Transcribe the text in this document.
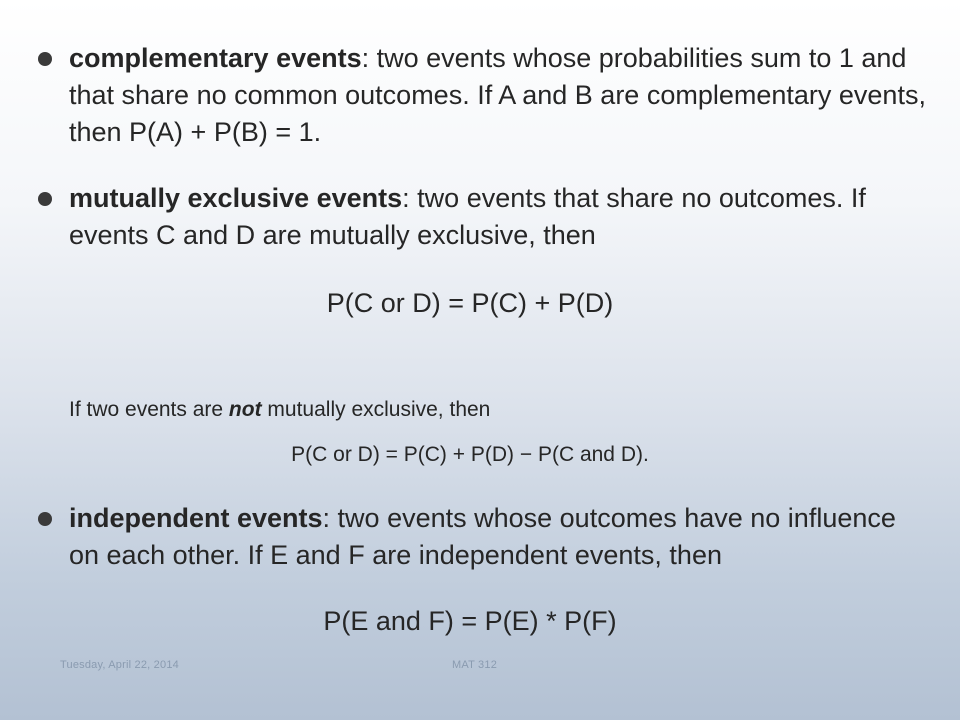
complementary events: two events whose probabilities sum to 1 and that share no common outcomes. If A and B are complementary events, then P(A) + P(B) = 1.
mutually exclusive events: two events that share no outcomes. If events C and D are mutually exclusive, then
P(C or D) = P(C) + P(D)
If two events are not mutually exclusive, then
P(C or D) = P(C) + P(D) − P(C and D).
independent events: two events whose outcomes have no influence on each other. If E and F are independent events, then
P(E and F) = P(E) * P(F)
Tuesday, April 22, 2014	MAT 312
